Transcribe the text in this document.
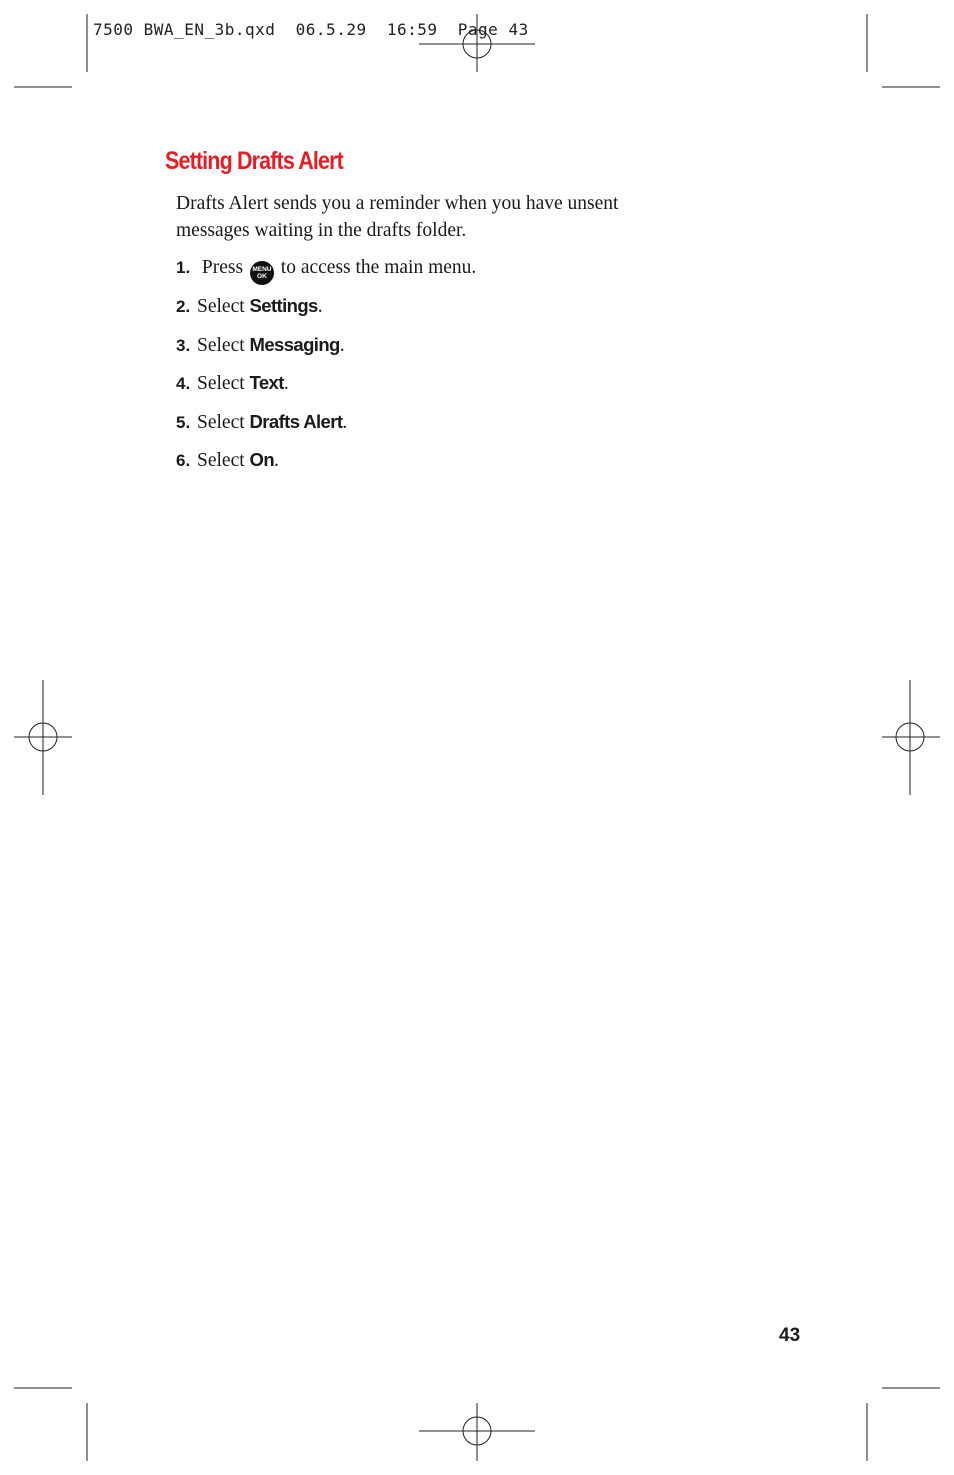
7500 BWA_EN_3b.qxd  06.5.29  16:59  Page 43
Setting Drafts Alert

Drafts Alert sends you a reminder when you have unsent messages waiting in the drafts folder.

1. Press	MENU
OK to access the main menu.
2. Select Settings.
3. Select Messaging.
4. Select Text.
5. Select Drafts Alert.
6. Select On.
43
